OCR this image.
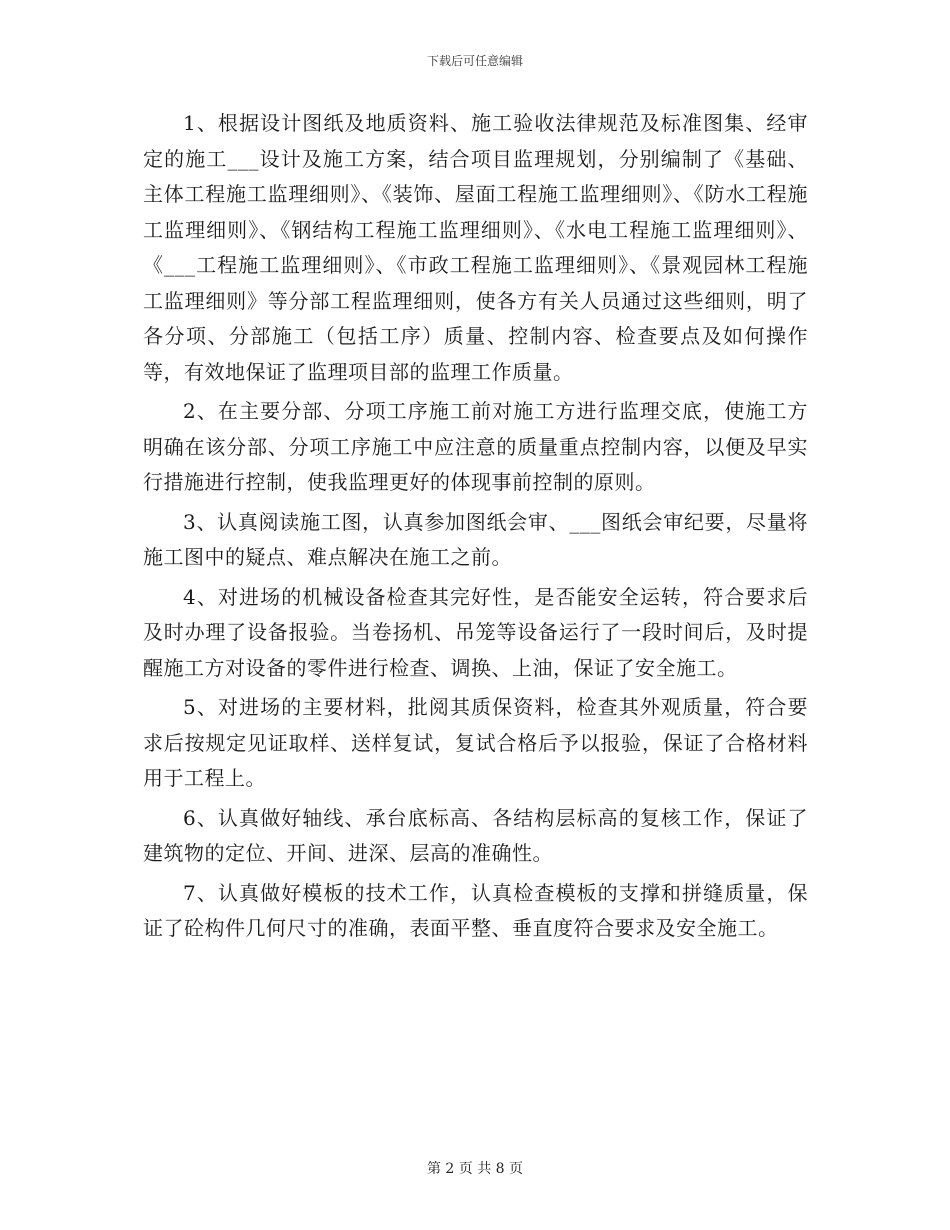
下载后可任意编辑

1、根据设计图纸及地质资料、施工验收法律规范及标准图集、经审定的施工___设计及施工方案，结合项目监理规划，分别编制了《基础、主体工程施工监理细则》、《装饰、屋面工程施工监理细则》、《防水工程施工监理细则》、《钢结构工程施工监理细则》、《水电工程施工监理细则》、《___工程施工监理细则》、《市政工程施工监理细则》、《景观园林工程施工监理细则》等分部工程监理细则，使各方有关人员通过这些细则，明了各分项、分部施工（包括工序）质量、控制内容、检查要点及如何操作等，有效地保证了监理项目部的监理工作质量。

2、在主要分部、分项工序施工前对施工方进行监理交底，使施工方明确在该分部、分项工序施工中应注意的质量重点控制内容，以便及早实行措施进行控制，使我监理更好的体现事前控制的原则。

3、认真阅读施工图，认真参加图纸会审、___图纸会审纪要，尽量将施工图中的疑点、难点解决在施工之前。

4、对进场的机械设备检查其完好性，是否能安全运转，符合要求后及时办理了设备报验。当卷扬机、吊笼等设备运行了一段时间后，及时提醒施工方对设备的零件进行检查、调换、上油，保证了安全施工。

5、对进场的主要材料，批阅其质保资料，检查其外观质量，符合要求后按规定见证取样、送样复试，复试合格后予以报验，保证了合格材料用于工程上。

6、认真做好轴线、承台底标高、各结构层标高的复核工作，保证了建筑物的定位、开间、进深、层高的准确性。

7、认真做好模板的技术工作，认真检查模板的支撑和拼缝质量，保证了砼构件几何尺寸的准确，表面平整、垂直度符合要求及安全施工。

第 2 页 共 8 页
